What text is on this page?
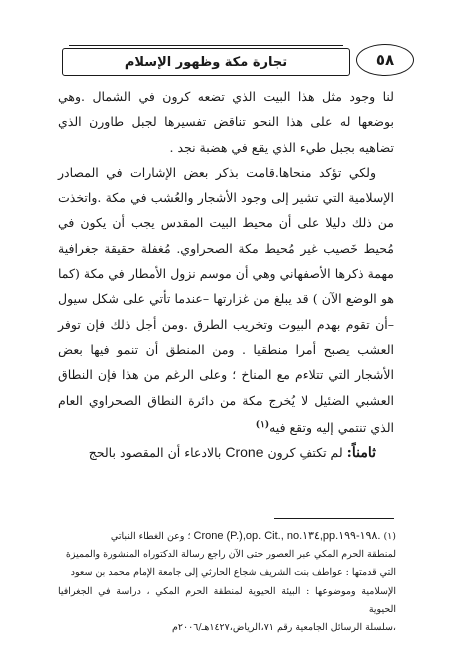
تجارة مكة وظهور الإسلام	٥٨

لنا وجود مثل هذا البيت الذي تضعه كرون في الشمال .وهي بوضعها له على هذا النحو تناقض تفسيرها لجبل طاورن الذي تضاهيه بجبل طيء الذي يقع في هضبة نجد .

ولكي تؤكد منحاها.قامت بذكر بعض الإشارات في المصادر الإسلامية التي تشير إلى وجود الأشجار والعُشب في مكة .واتخذت من ذلك دليلا على أن محيط البيت المقدس يجب أن يكون في مُحيط خَصيب غير مُحيط مكة الصحراوي. مُغفلة حقيقة جغرافية مهمة ذكرها الأصفهاني وهي أن موسم نزول الأمطار في مكة (كما هو الوضع الآن ) قد يبلغ من غزارتها –عندما تأتي على شكل سيول –أن تقوم بهدم البيوت وتخريب الطرق .ومن أجل ذلك فإن توفر العشب يصبح أمرا منطقيا . ومن المنطق أن تنمو فيها بعض الأشجار التي تتلاءم مع المناخ ؛ وعلى الرغم من هذا فإن النطاق العشبي الضئيل لا يُخرج مكة من دائرة النطاق الصحراوي العام الذي تنتمي إليه وتقع فيه$^{(١)}$

ثامناً: لم تكتفِ كرون Crone بالادعاء أن المقصود بالحج

(١) Crone (P.),op. Cit., no.١٣٤,pp.١٩٨-١٩٩. ؛ وعن الغطاء النباتي

لمنطقة الحرم المكي عبر العصور حتى الآن راجع رسالة الدكتوراه المنشورة والمميزة

التي قدمتها : عواطف بنت الشريف شجاع الحارثي إلى جامعة الإمام محمد بن سعود

الإسلامية وموضوعها : البيئة الحيوية لمنطقة الحرم المكي ، دراسة في الجغرافيا الحيوية

،سلسلة الرسائل الجامعية رقم ٧١،الرياض،١٤٢٧هـ/٢٠٠٦م
